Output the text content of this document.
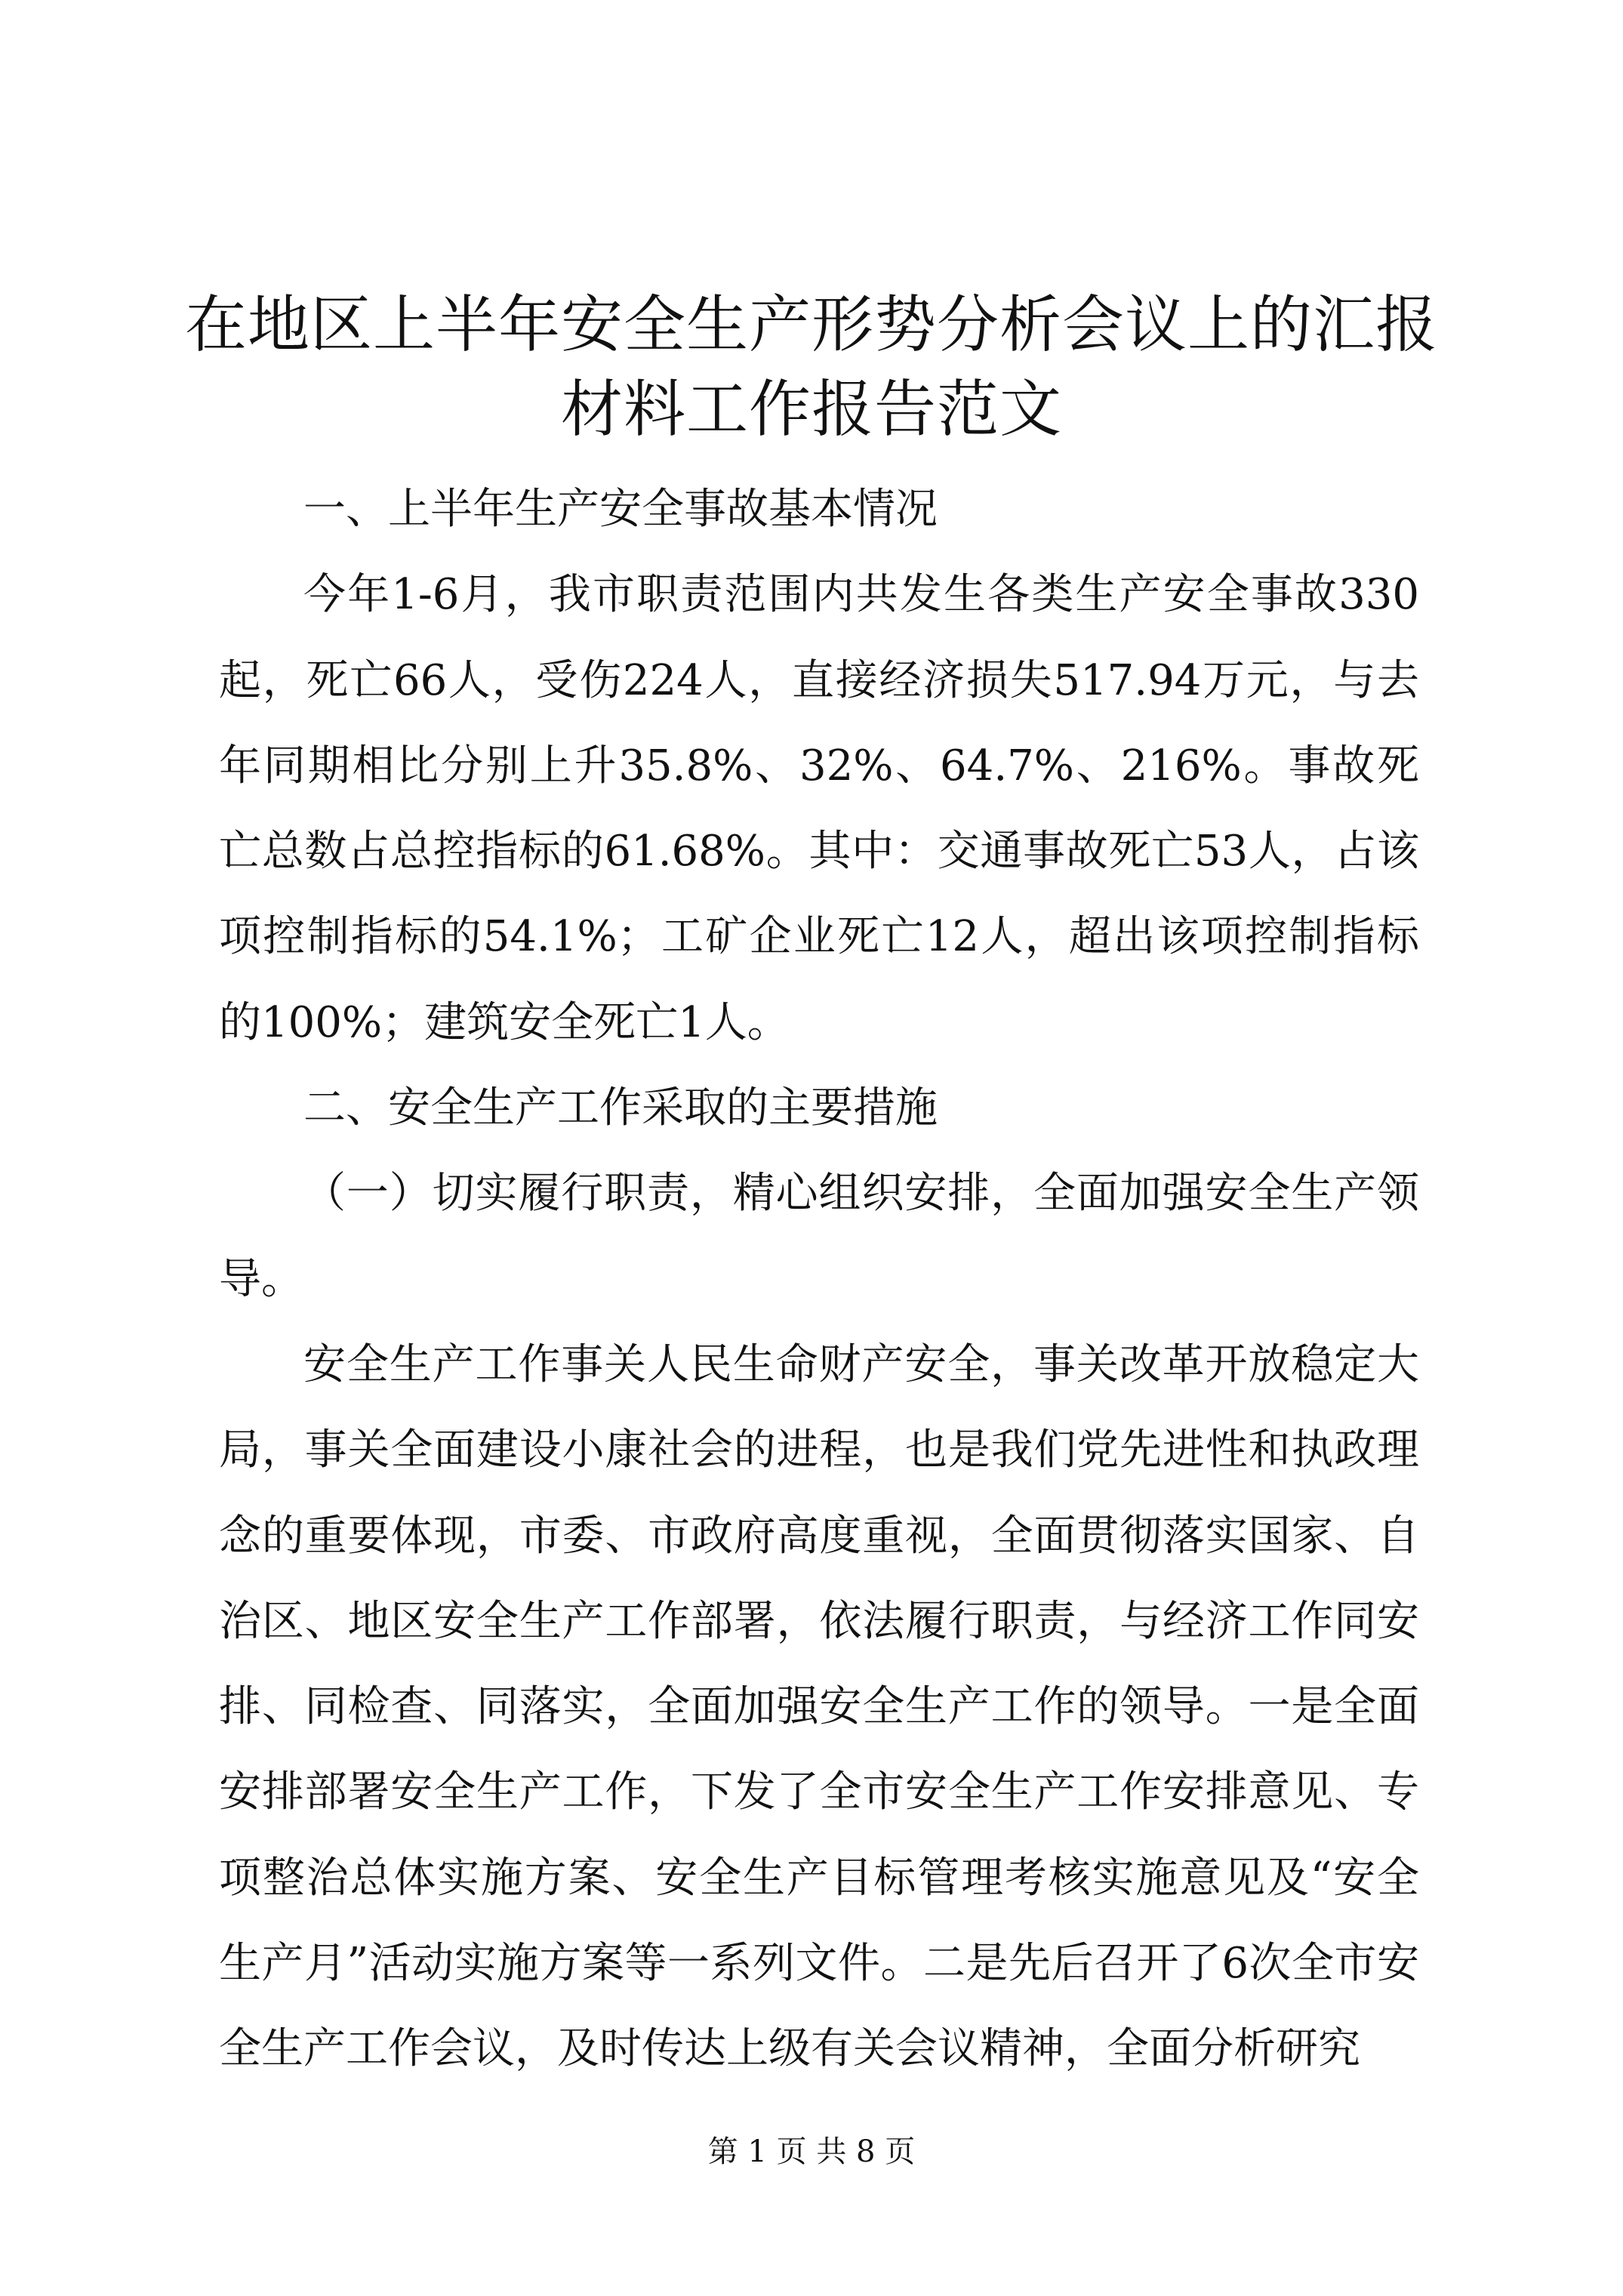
在地区上半年安全生产形势分析会议上的汇报
材料工作报告范文

一、上半年生产安全事故基本情况

今年1-6月，我市职责范围内共发生各类生产安全事故330起，死亡66人，受伤224人，直接经济损失517.94万元，与去年同期相比分别上升35.8%、32%、64.7%、216%。事故死亡总数占总控指标的61.68%。其中：交通事故死亡53人，占该项控制指标的54.1%；工矿企业死亡12人，超出该项控制指标的100%；建筑安全死亡1人。

二、安全生产工作采取的主要措施

（一）切实履行职责，精心组织安排，全面加强安全生产领导。

安全生产工作事关人民生命财产安全，事关改革开放稳定大局，事关全面建设小康社会的进程，也是我们党先进性和执政理念的重要体现，市委、市政府高度重视，全面贯彻落实国家、自治区、地区安全生产工作部署，依法履行职责，与经济工作同安排、同检查、同落实，全面加强安全生产工作的领导。一是全面安排部署安全生产工作，下发了全市安全生产工作安排意见、专项整治总体实施方案、安全生产目标管理考核实施意见及“安全生产月”活动实施方案等一系列文件。二是先后召开了6次全市安全生产工作会议，及时传达上级有关会议精神，全面分析研究

第 1 页 共 8 页
